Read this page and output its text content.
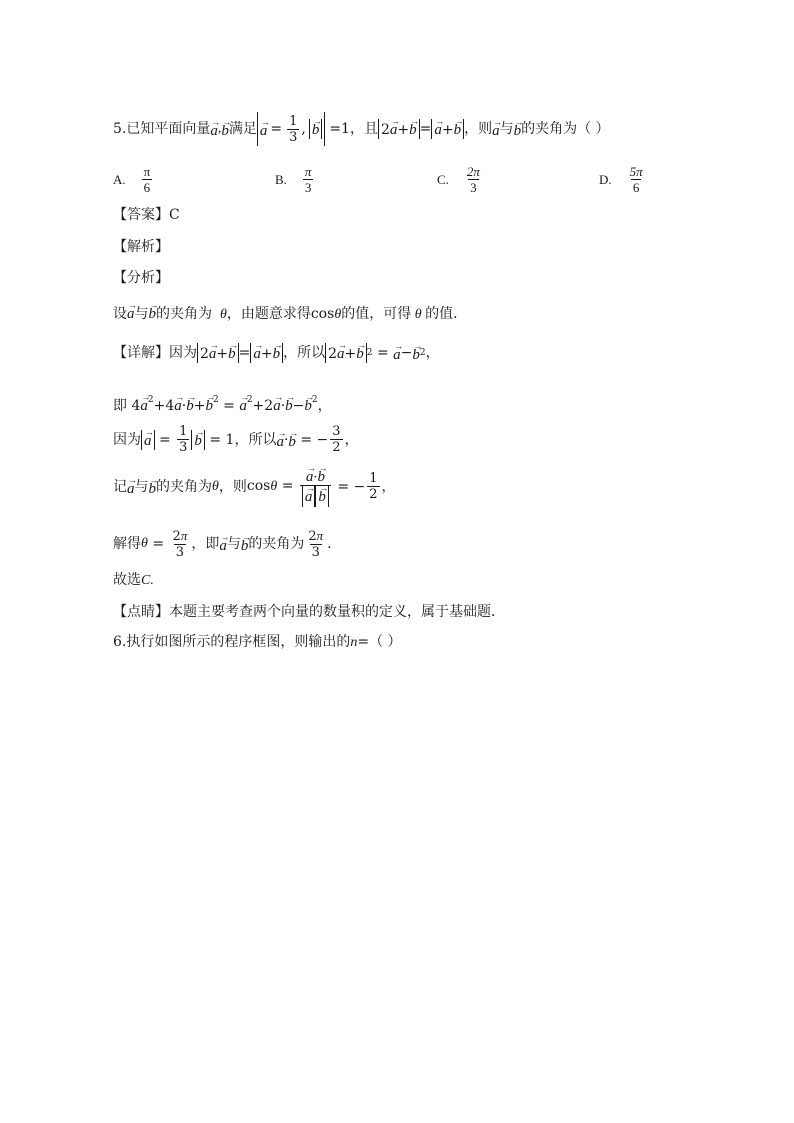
5.已知平面向量
→ a ,
→ b 满足
→ $a = \frac{1}{3}$ ,
→ b =1 ，且 2→ a+→ b =
→ a+→ b ，则
→ a 与
→ b 的夹角为（ ）
A. $\frac{\pi}{6}$	B. $\frac{\pi}{3}$	C. $\frac{2\pi}{3}$	D. $\frac{5\pi}{6}$
【答案】C
【解析】
【分析】
设→ a与→ b的夹角为  θ，由题意求得cosθ的值，可得 θ 的值．
【详解】 因为 2→ a+→ b =
→ a+→ b ，所以 2→ a+→ b 2 =
→ a −
→ b 2 ，
即 $4\to a^2+4\to a\cdot\to b+\to b^2$ = → $a^2+2\to a\cdot\to b-\to b^2$，
因为
→ $a = \frac{1}{3}$
→ b = 1 ，所以
→ a ·
→ b = − $\frac{3}{2}$ ，
记
→ a 与
→ b 的夹角为 θ ，则 cosθ =
→ a·→ b
→ a→ b = − $\frac{1}{2}$ ，
解得 $\theta = \frac{2\pi}{3}$ ，即
→ a 与
→ b 的夹角为 $\frac{2\pi}{3}$ ．
故选C.
【点睛】本题主要考查两个向量的数量积的定义，属于基础题．
6.执行如图所示的程序框图，则输出的n=（ ）
